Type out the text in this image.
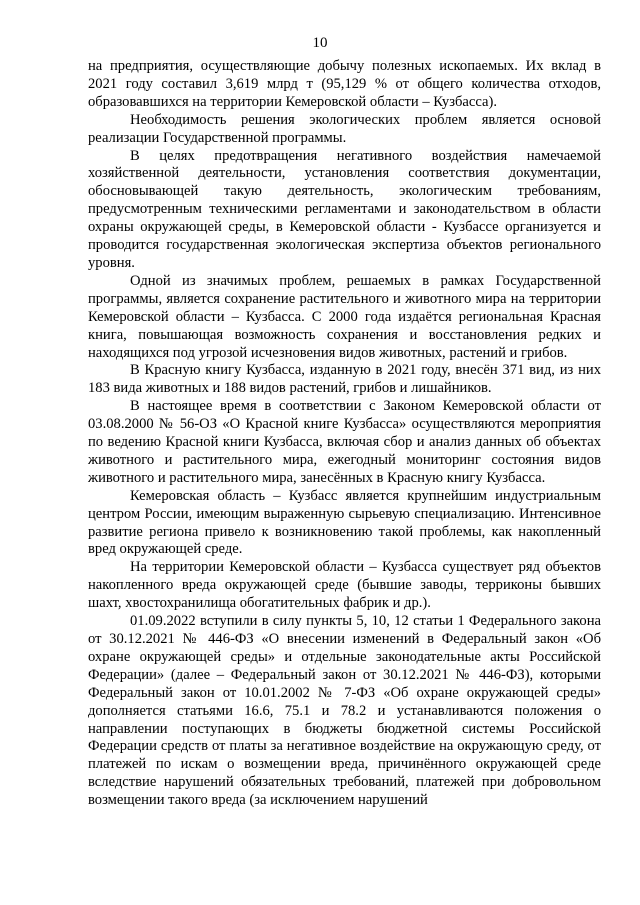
10

на предприятия, осуществляющие добычу полезных ископаемых. Их вклад в 2021 году составил 3,619 млрд т (95,129 % от общего количества отходов, образовавшихся на территории Кемеровской области – Кузбасса).

Необходимость решения экологических проблем является основой реализации Государственной программы.

В целях предотвращения негативного воздействия намечаемой хозяйственной деятельности, установления соответствия документации, обосновывающей такую деятельность, экологическим требованиям, предусмотренным техническими регламентами и законодательством в области охраны окружающей среды, в Кемеровской области - Кузбассе организуется и проводится государственная экологическая экспертиза объектов регионального уровня.

Одной из значимых проблем, решаемых в рамках Государственной программы, является сохранение растительного и животного мира на территории Кемеровской области – Кузбасса. С 2000 года издаётся региональная Красная книга, повышающая возможность сохранения и восстановления редких и находящихся под угрозой исчезновения видов животных, растений и грибов.

В Красную книгу Кузбасса, изданную в 2021 году, внесён 371 вид, из них 183 вида животных и 188 видов растений, грибов и лишайников.

В настоящее время в соответствии с Законом Кемеровской области от 03.08.2000 № 56-ОЗ «О Красной книге Кузбасса» осуществляются мероприятия по ведению Красной книги Кузбасса, включая сбор и анализ данных об объектах животного и растительного мира, ежегодный мониторинг состояния видов животного и растительного мира, занесённых в Красную книгу Кузбасса.

Кемеровская область – Кузбасс является крупнейшим индустриальным центром России, имеющим выраженную сырьевую специализацию. Интенсивное развитие региона привело к возникновению такой проблемы, как накопленный вред окружающей среде.

На территории Кемеровской области – Кузбасса существует ряд объектов накопленного вреда окружающей среде (бывшие заводы, терриконы бывших шахт, хвостохранилища обогатительных фабрик и др.).

01.09.2022 вступили в силу пункты 5, 10, 12 статьи 1 Федерального закона от 30.12.2021 № 446-ФЗ «О внесении изменений в Федеральный закон «Об охране окружающей среды» и отдельные законодательные акты Российской Федерации» (далее – Федеральный закон от 30.12.2021 № 446-ФЗ), которыми Федеральный закон от 10.01.2002 № 7-ФЗ «Об охране окружающей среды» дополняется статьями 16.6, 75.1 и 78.2 и устанавливаются положения о направлении поступающих в бюджеты бюджетной системы Российской Федерации средств от платы за негативное воздействие на окружающую среду, от платежей по искам о возмещении вреда, причинённого окружающей среде вследствие нарушений обязательных требований, платежей при добровольном возмещении такого вреда (за исключением нарушений
